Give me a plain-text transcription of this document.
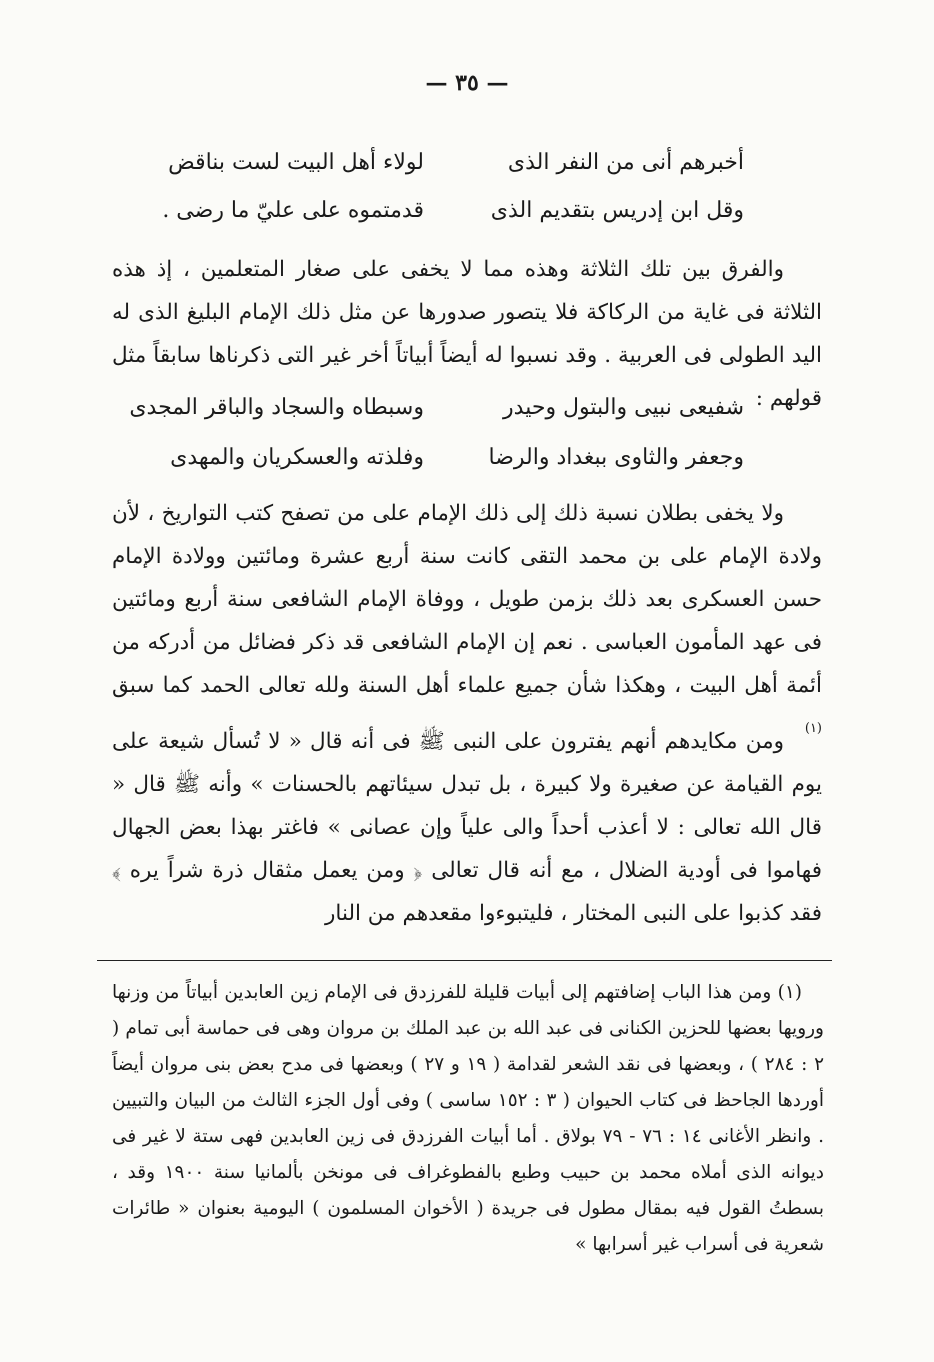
— ٣٥ —
أخبرهم أنى من النفر الذى
لولاء أهل البيت لست بناقض
وقل ابن إدريس بتقديم الذى
قدمتموه على عليّ ما رضى .

والفرق بين تلك الثلاثة وهذه مما لا يخفى على صغار المتعلمين ، إذ هذه الثلاثة فى غاية من الركاكة فلا يتصور صدورها عن مثل ذلك الإمام البليغ الذى له اليد الطولى فى العربية . وقد نسبوا له أيضاً أبياتاً أخر غير التى ذكرناها سابقاً مثل قولهم :

شفيعى نبيى والبتول وحيدر
وسبطاه والسجاد والباقر المجدى
وجعفر والثاوى ببغداد والرضا
وفلذته والعسكريان والمهدى

ولا يخفى بطلان نسبة ذلك إلى ذلك الإمام على من تصفح كتب التواريخ ، لأن ولادة الإمام على بن محمد التقى كانت سنة أربع عشرة ومائتين وولادة الإمام حسن العسكرى بعد ذلك بزمن طويل ، ووفاة الإمام الشافعى سنة أربع ومائتين فى عهد المأمون العباسى . نعم إن الإمام الشافعى قد ذكر فضائل من أدركه من أئمة أهل البيت ، وهكذا شأن جميع علماء أهل السنة ولله تعالى الحمد كما سبق $^{(١)}$

ومن مكايدهم أنهم يفترون على النبى ﷺ فى أنه قال « لا تُسأل شيعة على يوم القيامة عن صغيرة ولا كبيرة ، بل تبدل سيئاتهم بالحسنات » وأنه ﷺ قال « قال الله تعالى : لا أعذب أحداً والى علياً وإن عصانى » فاغتر بهذا بعض الجهال فهاموا فى أودية الضلال ، مع أنه قال تعالى ﴿ ومن يعمل مثقال ذرة شراً يره ﴾ فقد كذبوا على النبى المختار ، فليتبوءوا مقعدهم من النار

(١) ومن هذا الباب إضافتهم إلى أبيات قليلة للفرزدق فى الإمام زين العابدين أبياتاً من وزنها ورويها بعضها للحزين الكنانى فى عبد الله بن عبد الملك بن مروان وهى فى حماسة أبى تمام ( ٢ : ٢٨٤ ) ، وبعضها فى نقد الشعر لقدامة ( ١٩ و ٢٧ ) وبعضها فى مدح بعض بنى مروان أيضاً أوردها الجاحظ فى كتاب الحيوان ( ٣ : ١٥٢ ساسى ) وفى أول الجزء الثالث من البيان والتبيين . وانظر الأغانى ١٤ : ٧٦ - ٧٩ بولاق . أما أبيات الفرزدق فى زين العابدين فهى ستة لا غير فى ديوانه الذى أملاه محمد بن حبيب وطبع بالفطوغراف فى مونخن بألمانيا سنة ١٩٠٠ وقد ، بسطتُ القول فيه بمقال مطول فى جريدة ( الأخوان المسلمون ) اليومية بعنوان « طائرات شعرية فى أسراب غير أسرابها »
